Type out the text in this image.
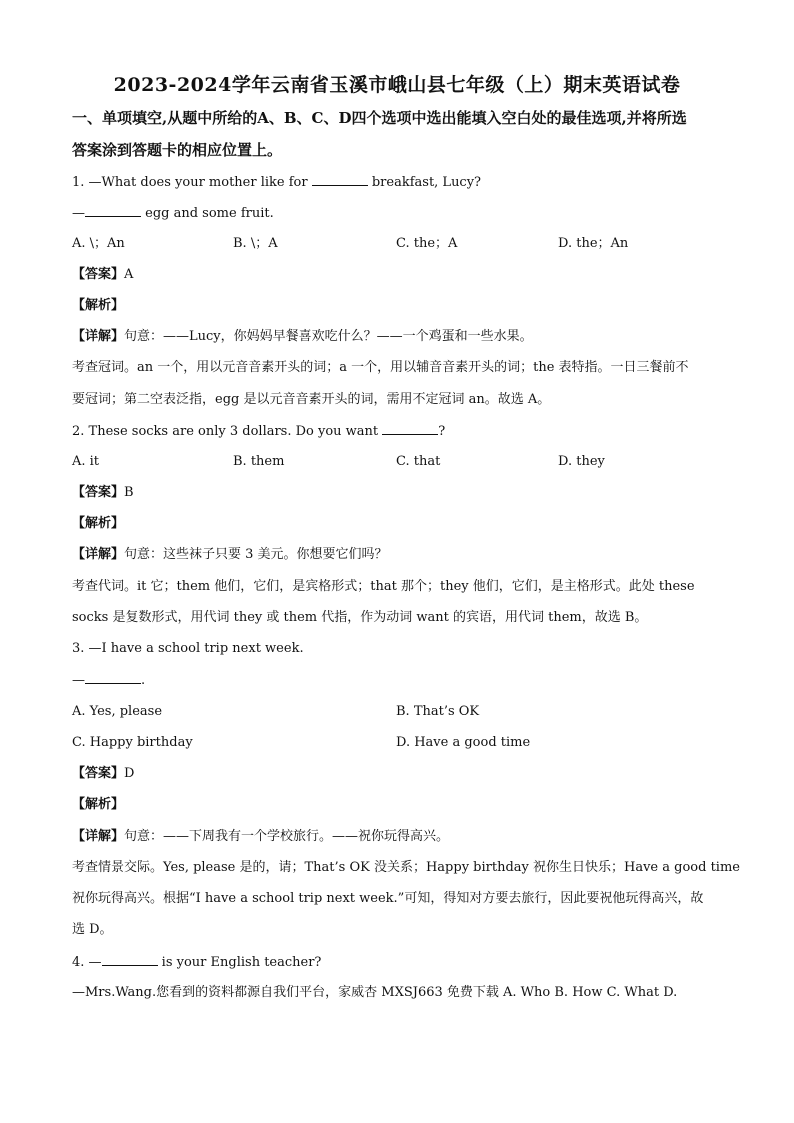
2023-2024学年云南省玉溪市峨山县七年级（上）期末英语试卷
一、单项填空,从题中所给的A、B、C、D四个选项中选出能填入空白处的最佳选项,并将所选
答案涂到答题卡的相应位置上。
1. —What does your mother like for	breakfast, Lucy?
—	egg and some fruit.
A. \；An	B. \；A	C. the；A	D. the；An
【答案】A
【解析】
【详解】句意：——Lucy，你妈妈早餐喜欢吃什么？——一个鸡蛋和一些水果。
考查冠词。an 一个，用以元音音素开头的词；a 一个，用以辅音音素开头的词；the 表特指。一日三餐前不
要冠词；第二空表泛指，egg 是以元音音素开头的词，需用不定冠词 an。故选 A。
2. These socks are only 3 dollars. Do you want	?
A. it	B. them	C. that	D. they
【答案】B
【解析】
【详解】句意：这些袜子只要 3 美元。你想要它们吗？
考查代词。it 它；them 他们，它们，是宾格形式；that 那个；they 他们，它们，是主格形式。此处 these
socks 是复数形式，用代词 they 或 them 代指，作为动词 want 的宾语，用代词 them，故选 B。
3. —I have a school trip next week.
—	.
A. Yes, please	B. That’s OK
C. Happy birthday	D. Have a good time
【答案】D
【解析】
【详解】句意：——下周我有一个学校旅行。——祝你玩得高兴。
考查情景交际。Yes, please 是的，请；That’s OK 没关系；Happy birthday 祝你生日快乐；Have a good time
祝你玩得高兴。根据“I have a school trip next week.”可知，得知对方要去旅行，因此要祝他玩得高兴，故
选 D。
4. —	is your English teacher?
—Mrs.Wang.您看到的资料都源自我们平台，家威杏 MXSJ663 免费下载 A. Who B. How C. What D.
